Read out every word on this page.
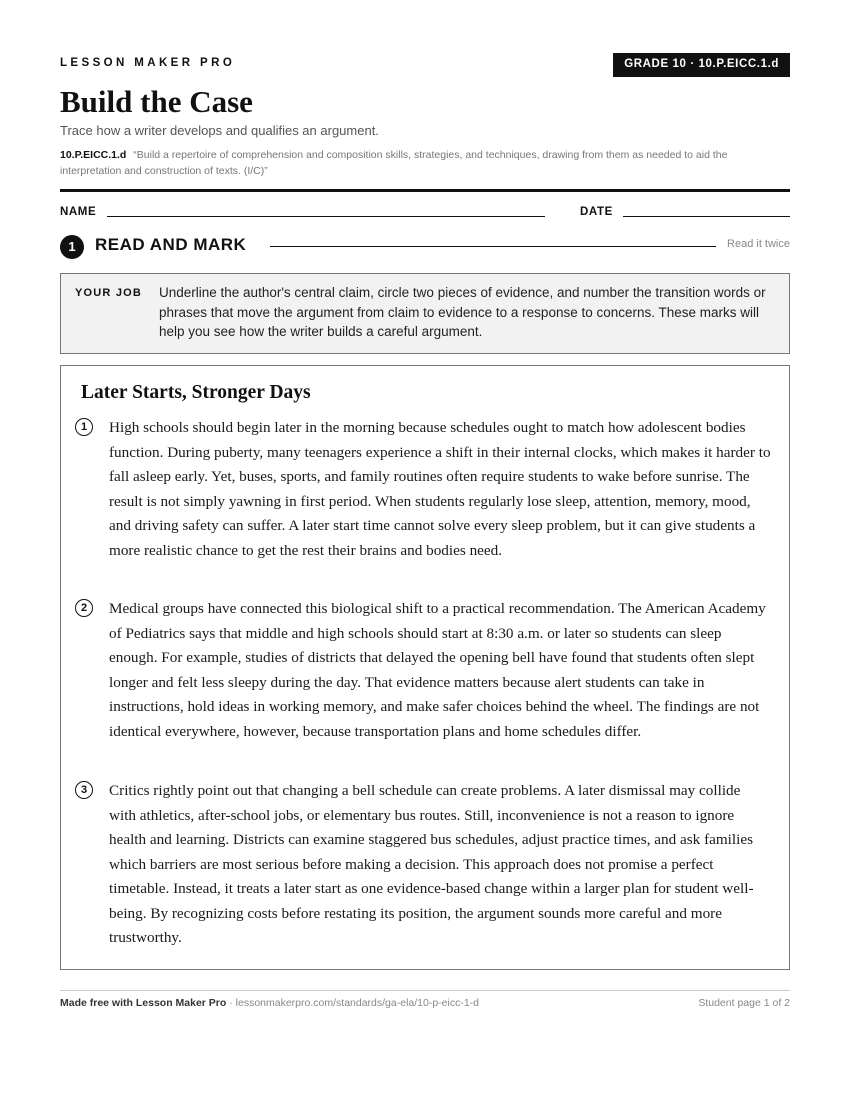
LESSON MAKER PRO	GRADE 10 · 10.P.EICC.1.d
Build the Case
Trace how a writer develops and qualifies an argument.
10.P.EICC.1.d “Build a repertoire of comprehension and composition skills, strategies, and techniques, drawing from them as needed to aid the interpretation and construction of texts. (I/C)”
NAME	DATE
1	READ AND MARK	Read it twice
YOUR JOB Underline the author's central claim, circle two pieces of evidence, and number the transition words or phrases that move the argument from claim to evidence to a response to concerns. These marks will help you see how the writer builds a careful argument.
Later Starts, Stronger Days
1	High schools should begin later in the morning because schedules ought to match how adolescent bodies function. During puberty, many teenagers experience a shift in their internal clocks, which makes it harder to fall asleep early. Yet, buses, sports, and family routines often require students to wake before sunrise. The result is not simply yawning in first period. When students regularly lose sleep, attention, memory, mood, and driving safety can suffer. A later start time cannot solve every sleep problem, but it can give students a more realistic chance to get the rest their brains and bodies need.

2	Medical groups have connected this biological shift to a practical recommendation. The American Academy of Pediatrics says that middle and high schools should start at 8:30 a.m. or later so students can sleep enough. For example, studies of districts that delayed the opening bell have found that students often slept longer and felt less sleepy during the day. That evidence matters because alert students can take in instructions, hold ideas in working memory, and make safer choices behind the wheel. The findings are not identical everywhere, however, because transportation plans and home schedules differ.

3	Critics rightly point out that changing a bell schedule can create problems. A later dismissal may collide with athletics, after-school jobs, or elementary bus routes. Still, inconvenience is not a reason to ignore health and learning. Districts can examine staggered bus schedules, adjust practice times, and ask families which barriers are most serious before making a decision. This approach does not promise a perfect timetable. Instead, it treats a later start as one evidence-based change within a larger plan for student well-being. By recognizing costs before restating its position, the argument sounds more careful and more trustworthy.

Made free with Lesson Maker Pro · lessonmakerpro.com/standards/ga-ela/10-p-eicc-1-d	Student page 1 of 2
